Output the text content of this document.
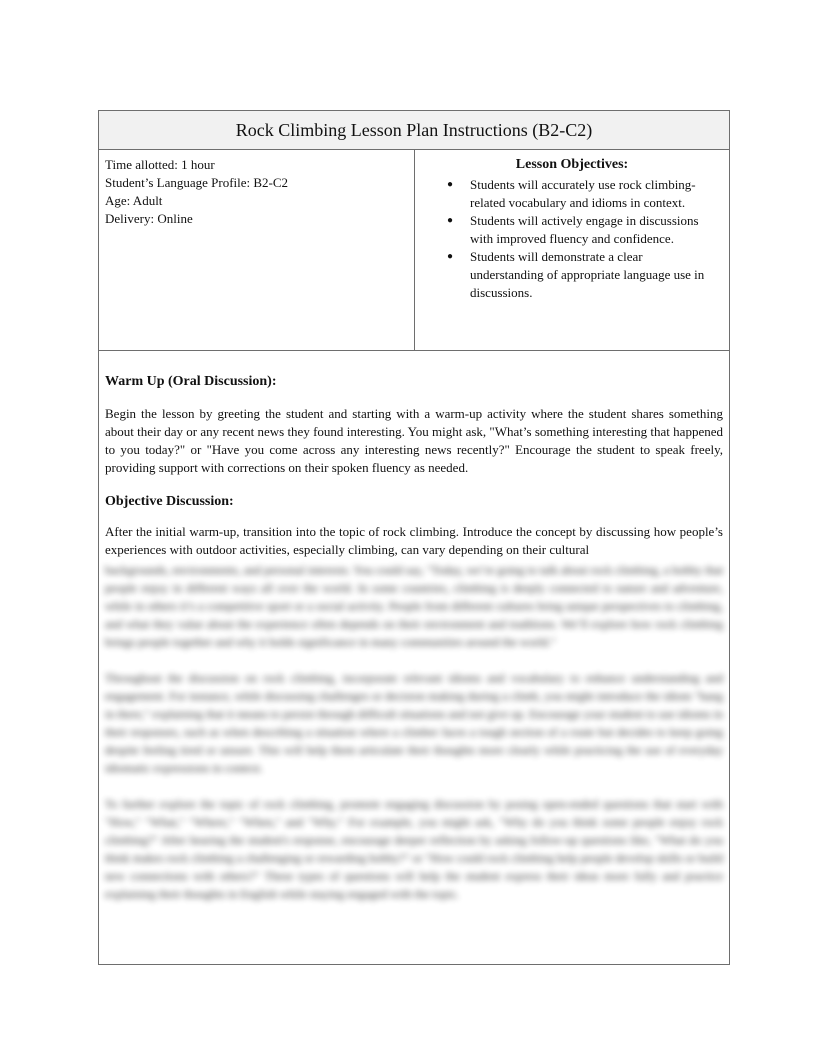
Rock Climbing Lesson Plan Instructions (B2-C2)
Time allotted: 1 hour
Student’s Language Profile: B2-C2
Age: Adult
Delivery: Online
Lesson Objectives:
● Students will accurately use rock climbing-related vocabulary and idioms in context.
● Students will actively engage in discussions with improved fluency and confidence.
● Students will demonstrate a clear understanding of appropriate language use in discussions.
Warm Up (Oral Discussion):

Begin the lesson by greeting the student and starting with a warm-up activity where the student shares something about their day or any recent news they found interesting. You might ask, "What’s something interesting that happened to you today?" or "Have you come across any interesting news recently?" Encourage the student to speak freely, providing support with corrections on their spoken fluency as needed.

Objective Discussion:

After the initial warm-up, transition into the topic of rock climbing. Introduce the concept by discussing how people’s experiences with outdoor activities, especially climbing, can vary depending on their cultural

backgrounds, environments, and personal interests. You could say, "Today, we’re going to talk about rock climbing, a hobby that people enjoy in different ways all over the world. In some countries, climbing is deeply connected to nature and adventure, while in others it’s a competitive sport or a social activity. People from different cultures bring unique perspectives to climbing, and what they value about the experience often depends on their environment and traditions. We’ll explore how rock climbing brings people together and why it holds significance in many communities around the world."

Throughout the discussion on rock climbing, incorporate relevant idioms and vocabulary to enhance understanding and engagement. For instance, while discussing challenges or decision making during a climb, you might introduce the idiom "hang in there," explaining that it means to persist through difficult situations and not give up. Encourage your student to use idioms in their responses, such as when describing a situation where a climber faces a tough section of a route but decides to keep going despite feeling tired or unsure. This will help them articulate their thoughts more clearly while practicing the use of everyday idiomatic expressions in context.

To further explore the topic of rock climbing, promote engaging discussion by posing open-ended questions that start with "How," "What," "Where," "When," and "Why." For example, you might ask, "Why do you think some people enjoy rock climbing?" After hearing the student's response, encourage deeper reflection by asking follow-up questions like, "What do you think makes rock climbing a challenging or rewarding hobby?" or "How could rock climbing help people develop skills or build new connections with others?" These types of questions will help the student express their ideas more fully and practice explaining their thoughts in English while staying engaged with the topic.
